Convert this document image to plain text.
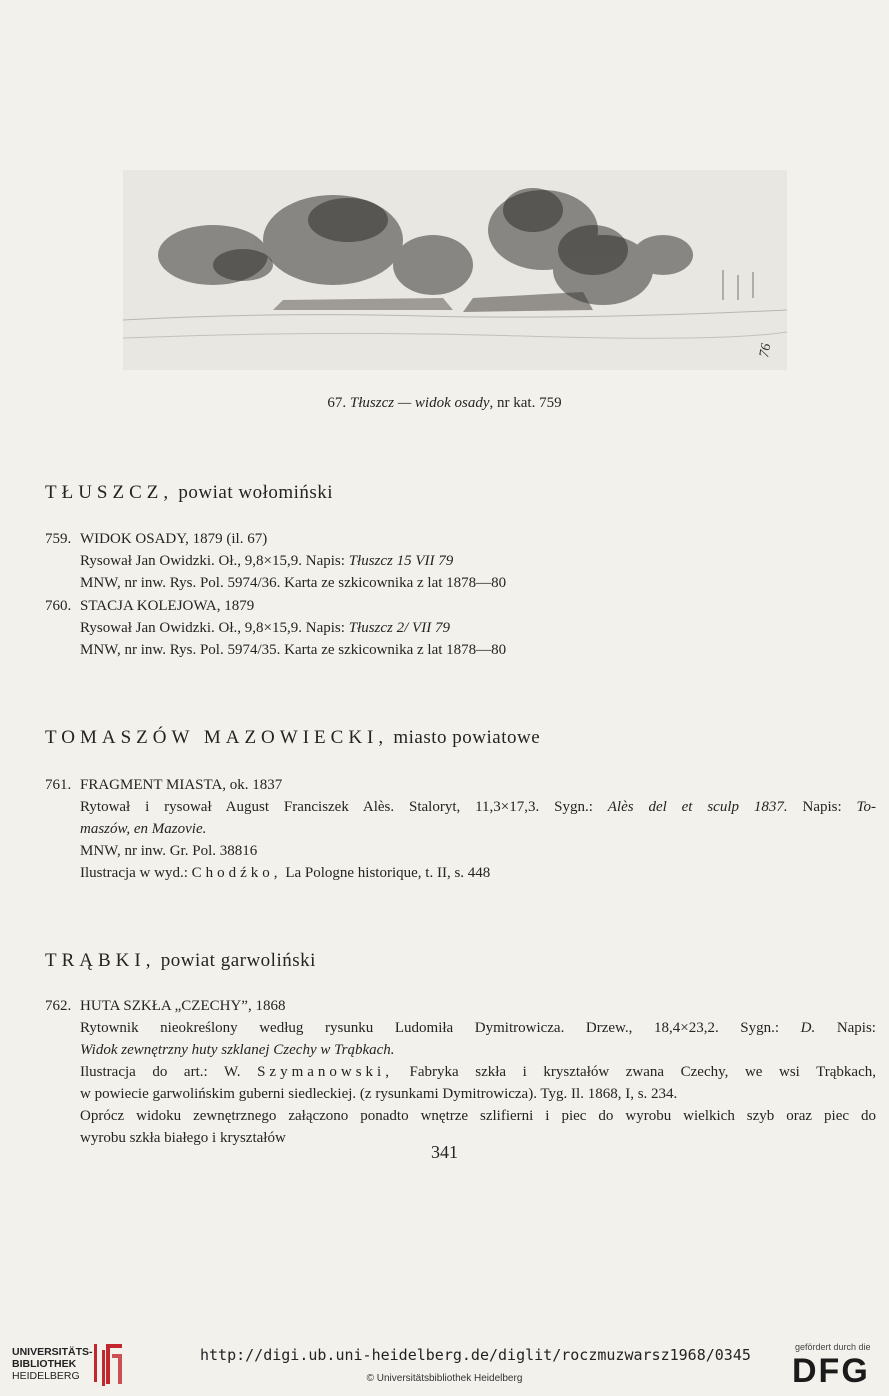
76
67. Tłuszcz — widok osady, nr kat. 759
TŁUSZCZ, powiat wołomiński
759. WIDOK OSADY, 1879 (il. 67)
Rysował Jan Owidzki. Oł., 9,8×15,9. Napis: Tłuszcz 15 VII 79
MNW, nr inw. Rys. Pol. 5974/36. Karta ze szkicownika z lat 1878—80
760. STACJA KOLEJOWA, 1879
Rysował Jan Owidzki. Oł., 9,8×15,9. Napis: Tłuszcz 2/ VII 79
MNW, nr inw. Rys. Pol. 5974/35. Karta ze szkicownika z lat 1878—80
TOMASZÓW MAZOWIECKI, miasto powiatowe
761. FRAGMENT MIASTA, ok. 1837
Rytował i rysował August Franciszek Alès. Staloryt, 11,3×17,3. Sygn.: Alès del et sculp 1837. Napis: To-
maszów, en Mazovie.
MNW, nr inw. Gr. Pol. 38816
Ilustracja w wyd.: Chodźko, La Pologne historique, t. II, s. 448
TRĄBKI, powiat garwoliński
762. HUTA SZKŁA „CZECHY”, 1868
Rytownik nieokreślony według rysunku Ludomiła Dymitrowicza. Drzew., 18,4×23,2. Sygn.: D. Napis:
Widok zewnętrzny huty szklanej Czechy w Trąbkach.
Ilustracja do art.: W. Szymanowski, Fabryka szkła i kryształów zwana Czechy, we wsi Trąbkach,
w powiecie garwolińskim guberni siedleckiej. (z rysunkami Dymitrowicza). Tyg. Il. 1868, I, s. 234.
Oprócz widoku zewnętrznego załączono ponadto wnętrze szlifierni i piec do wyrobu wielkich szyb oraz piec do
wyrobu szkła białego i kryształów
341
UNIVERSITÄTS-
BIBLIOTHEK
HEIDELBERG
http://digi.ub.uni-heidelberg.de/diglit/roczmuzwarsz1968/0345
© Universitätsbibliothek Heidelberg
gefördert durch die
DFG
